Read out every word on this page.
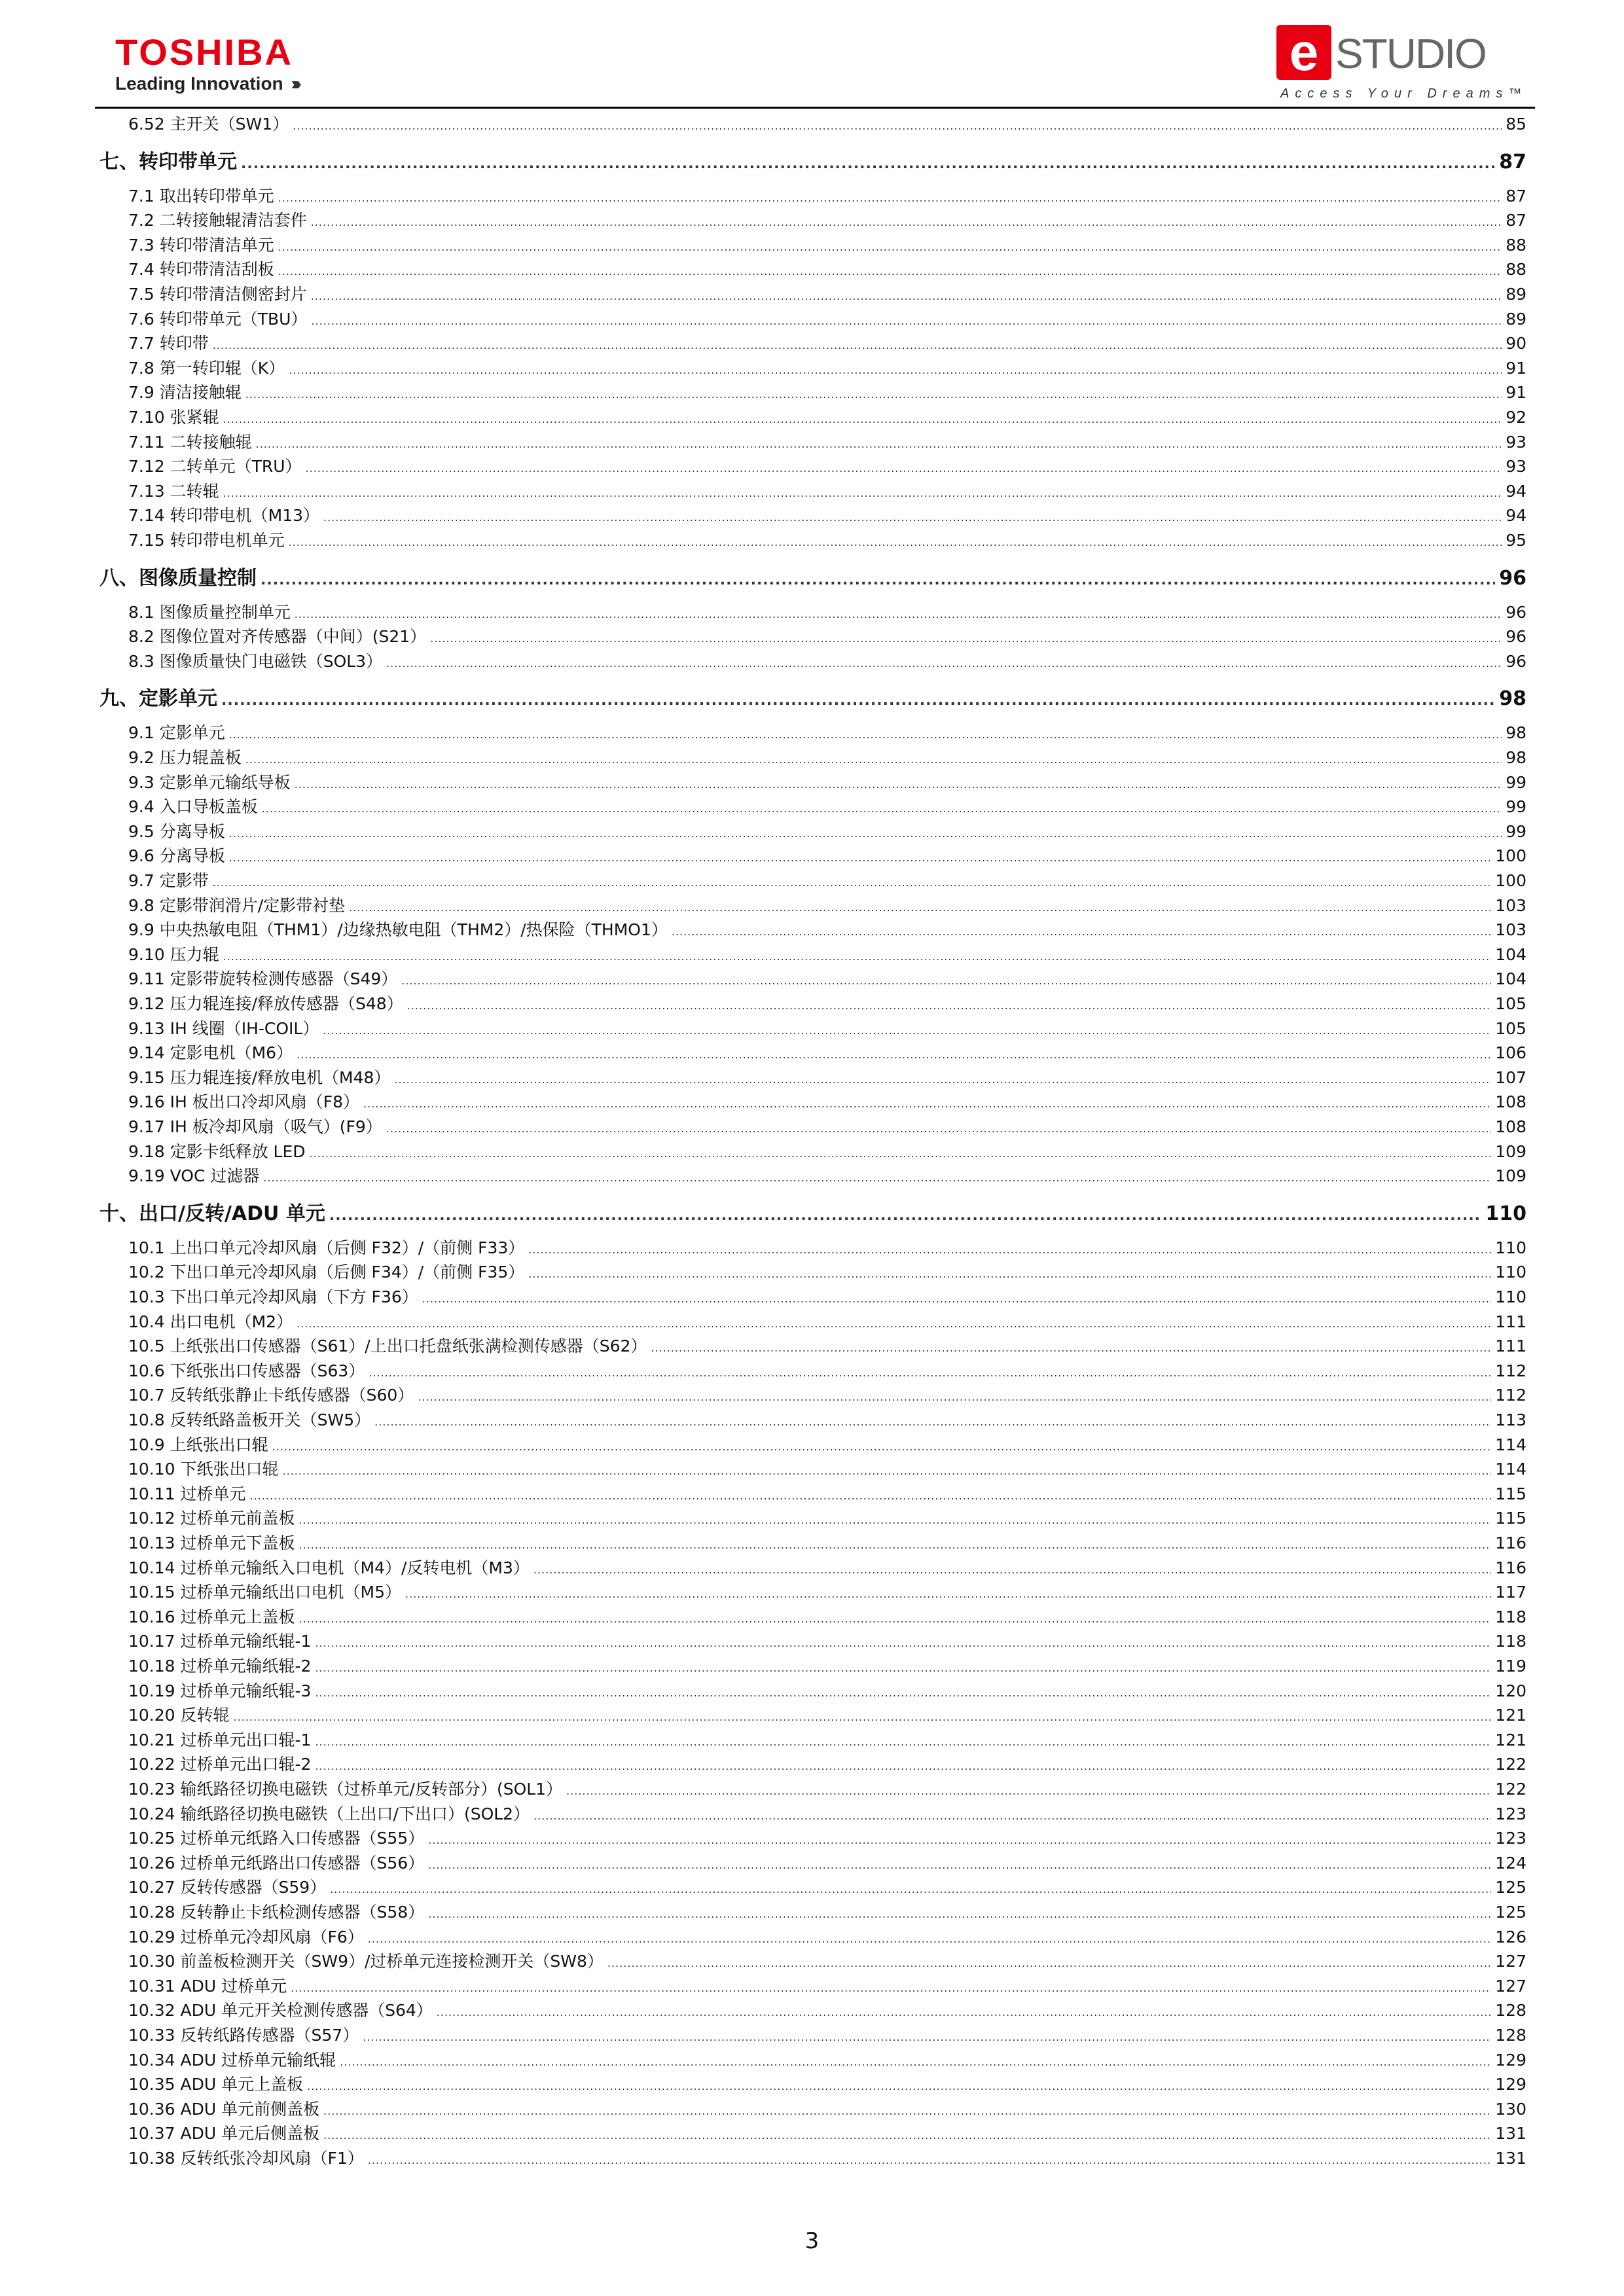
TOSHIBA
Leading Innovation ›››
e STUDIO
Access Your Dreams™
6.52 主开关（SW1） .....	85
七、转印带单元 .....	87
7.1 取出转印带单元 .....	87
7.2 二转接触辊清洁套件 .....	87
7.3 转印带清洁单元 .....	88
7.4 转印带清洁刮板 .....	88
7.5 转印带清洁侧密封片 .....	89
7.6 转印带单元（TBU） .....	89
7.7 转印带 .....	90
7.8 第一转印辊（K） .....	91
7.9 清洁接触辊 .....	91
7.10 张紧辊 .....	92
7.11 二转接触辊 .....	93
7.12 二转单元（TRU） .....	93
7.13 二转辊 .....	94
7.14 转印带电机（M13） .....	94
7.15 转印带电机单元 .....	95
八、图像质量控制 .....	96
8.1 图像质量控制单元 .....	96
8.2 图像位置对齐传感器（中间）(S21） .....	96
8.3 图像质量快门电磁铁（SOL3） .....	96
九、定影单元 .....	98
9.1 定影单元 .....	98
9.2 压力辊盖板 .....	98
9.3 定影单元输纸导板 .....	99
9.4 入口导板盖板 .....	99
9.5 分离导板 .....	99
9.6 分离导板 .....	100
9.7 定影带 .....	100
9.8 定影带润滑片/定影带衬垫 .....	103
9.9 中央热敏电阻（THM1）/边缘热敏电阻（THM2）/热保险（THMO1） .....	103
9.10 压力辊 .....	104
9.11 定影带旋转检测传感器（S49） .....	104
9.12 压力辊连接/释放传感器（S48） .....	105
9.13 IH 线圈（IH-COIL） .....	105
9.14 定影电机（M6） .....	106
9.15 压力辊连接/释放电机（M48） .....	107
9.16 IH 板出口冷却风扇（F8） .....	108
9.17 IH 板冷却风扇（吸气）(F9） .....	108
9.18 定影卡纸释放 LED .....	109
9.19 VOC 过滤器 .....	109
十、出口/反转/ADU 单元 .....	110
10.1 上出口单元冷却风扇（后侧 F32）/（前侧 F33） .....	110
10.2 下出口单元冷却风扇（后侧 F34）/（前侧 F35） .....	110
10.3 下出口单元冷却风扇（下方 F36） .....	110
10.4 出口电机（M2） .....	111
10.5 上纸张出口传感器（S61）/上出口托盘纸张满检测传感器（S62） .....	111
10.6 下纸张出口传感器（S63） .....	112
10.7 反转纸张静止卡纸传感器（S60） .....	112
10.8 反转纸路盖板开关（SW5） .....	113
10.9 上纸张出口辊 .....	114
10.10 下纸张出口辊 .....	114
10.11 过桥单元 .....	115
10.12 过桥单元前盖板 .....	115
10.13 过桥单元下盖板 .....	116
10.14 过桥单元输纸入口电机（M4）/反转电机（M3） .....	116
10.15 过桥单元输纸出口电机（M5） .....	117
10.16 过桥单元上盖板 .....	118
10.17 过桥单元输纸辊-1 .....	118
10.18 过桥单元输纸辊-2 .....	119
10.19 过桥单元输纸辊-3 .....	120
10.20 反转辊 .....	121
10.21 过桥单元出口辊-1 .....	121
10.22 过桥单元出口辊-2 .....	122
10.23 输纸路径切换电磁铁（过桥单元/反转部分）(SOL1） .....	122
10.24 输纸路径切换电磁铁（上出口/下出口）(SOL2） .....	123
10.25 过桥单元纸路入口传感器（S55） .....	123
10.26 过桥单元纸路出口传感器（S56） .....	124
10.27 反转传感器（S59） .....	125
10.28 反转静止卡纸检测传感器（S58） .....	125
10.29 过桥单元冷却风扇（F6） .....	126
10.30 前盖板检测开关（SW9）/过桥单元连接检测开关（SW8） .....	127
10.31 ADU 过桥单元 .....	127
10.32 ADU 单元开关检测传感器（S64） .....	128
10.33 反转纸路传感器（S57） .....	128
10.34 ADU 过桥单元输纸辊 .....	129
10.35 ADU 单元上盖板 .....	129
10.36 ADU 单元前侧盖板 .....	130
10.37 ADU 单元后侧盖板 .....	131
10.38 反转纸张冷却风扇（F1） .....	131
3
